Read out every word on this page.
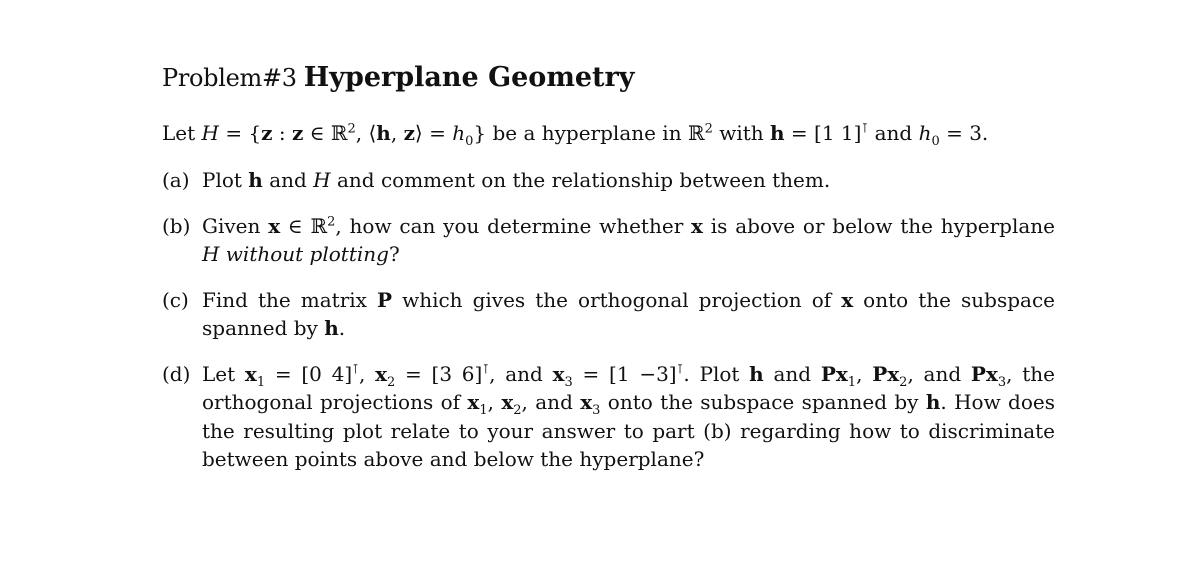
Problem#3 Hyperplane Geometry
Let H = {z : z ∈ ℝ$^2$, ⟨h, z⟩ = $h_0$} be a hyperplane in ℝ$^2$ with h = [1 1]⊺ and $h_0 = 3$.
(a) Plot h and H and comment on the relationship between them.
(b) Given x ∈ ℝ$^2$, how can you determine whether x is above or below the hyperplane H without plotting?
(c) Find the matrix P which gives the orthogonal projection of x onto the subspace spanned by h.
(d) Let $x_1 = [0$ 4]⊺, $x_2 = [3$ 6]⊺, and $x_3 = [1 -3]^⊺$. Plot h and $Px_1$, $Px_2$, and $Px_3$, the orthogonal projections of $x_1$, $x_2$, and $x_3$ onto the subspace spanned by h. How does the resulting plot relate to your answer to part (b) regarding how to discriminate between points above and below the hyperplane?
